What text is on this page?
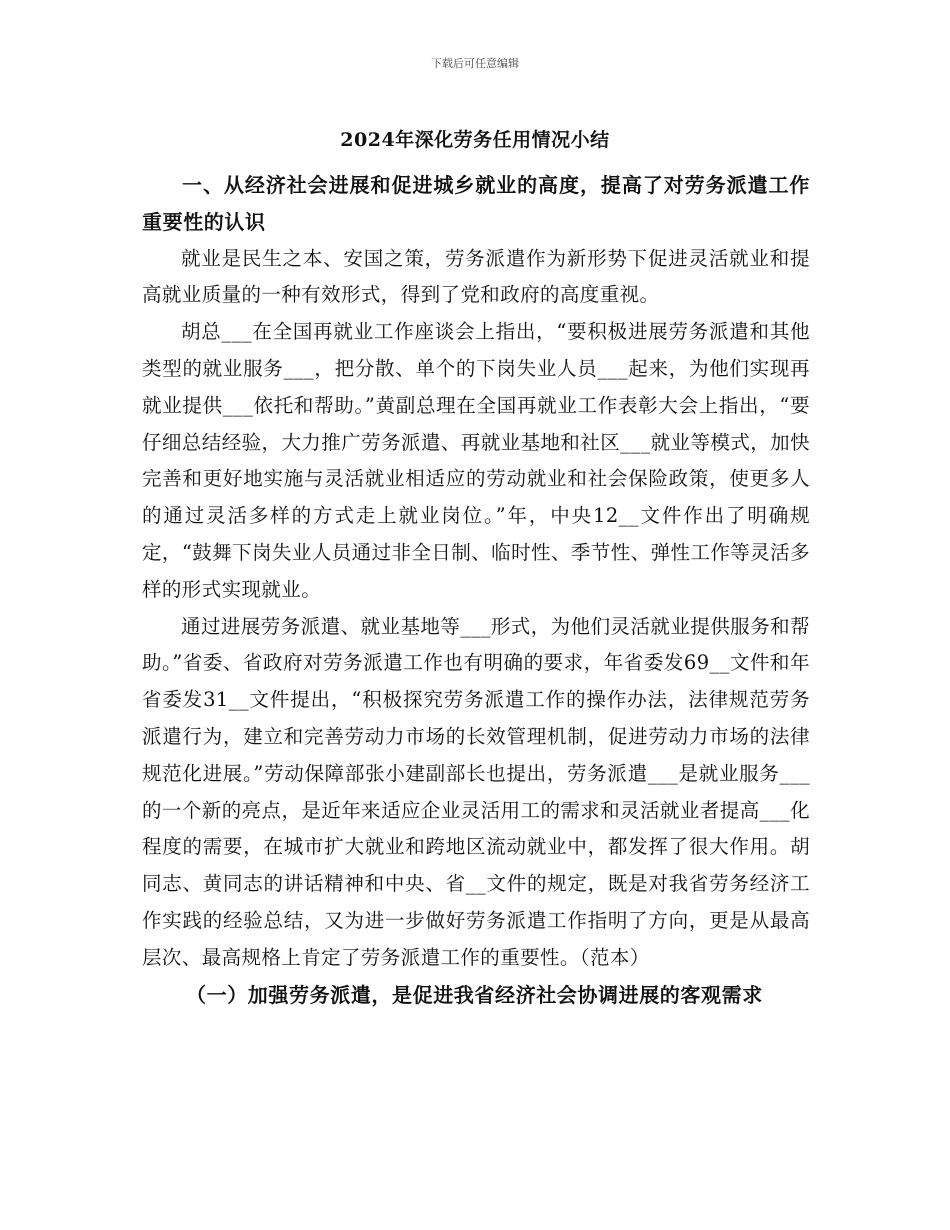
下载后可任意编辑
2024年深化劳务任用情况小结

一、从经济社会进展和促进城乡就业的高度，提高了对劳务派遣工作重要性的认识

就业是民生之本、安国之策，劳务派遣作为新形势下促进灵活就业和提高就业质量的一种有效形式，得到了党和政府的高度重视。

胡总___在全国再就业工作座谈会上指出，“要积极进展劳务派遣和其他类型的就业服务___，把分散、单个的下岗失业人员___起来，为他们实现再就业提供___依托和帮助。”黄副总理在全国再就业工作表彰大会上指出，“要仔细总结经验，大力推广劳务派遣、再就业基地和社区___就业等模式，加快完善和更好地实施与灵活就业相适应的劳动就业和社会保险政策，使更多人的通过灵活多样的方式走上就业岗位。”年，中央12__文件作出了明确规定，“鼓舞下岗失业人员通过非全日制、临时性、季节性、弹性工作等灵活多样的形式实现就业。

通过进展劳务派遣、就业基地等___形式，为他们灵活就业提供服务和帮助。”省委、省政府对劳务派遣工作也有明确的要求，年省委发69__文件和年省委发31__文件提出，“积极探究劳务派遣工作的操作办法，法律规范劳务派遣行为，建立和完善劳动力市场的长效管理机制，促进劳动力市场的法律规范化进展。”劳动保障部张小建副部长也提出，劳务派遣___是就业服务___的一个新的亮点，是近年来适应企业灵活用工的需求和灵活就业者提高___化程度的需要，在城市扩大就业和跨地区流动就业中，都发挥了很大作用。胡同志、黄同志的讲话精神和中央、省__文件的规定，既是对我省劳务经济工作实践的经验总结，又为进一步做好劳务派遣工作指明了方向，更是从最高层次、最高规格上肯定了劳务派遣工作的重要性。（范本）

（一）加强劳务派遣，是促进我省经济社会协调进展的客观需求
